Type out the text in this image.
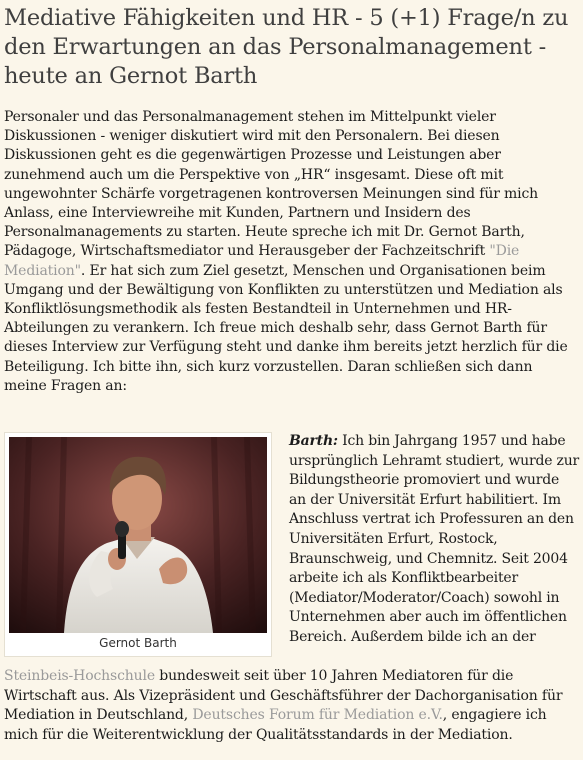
Mediative Fähigkeiten und HR - 5 (+1) Frage/n zu den Erwartungen an das Personalmanagement - heute an Gernot Barth

Personaler und das Personalmanagement stehen im Mittelpunkt vieler Diskussionen - weniger diskutiert wird mit den Personalern. Bei diesen Diskussionen geht es die gegenwärtigen Prozesse und Leistungen aber zunehmend auch um die Perspektive von „HR“ insgesamt. Diese oft mit ungewohnter Schärfe vorgetragenen kontroversen Meinungen sind für mich Anlass, eine Interviewreihe mit Kunden, Partnern und Insidern des Personalmanagements zu starten. Heute spreche ich mit Dr. Gernot Barth, Pädagoge, Wirtschaftsmediator und Herausgeber der Fachzeitschrift "Die Mediation". Er hat sich zum Ziel gesetzt, Menschen und Organisationen beim Umgang und der Bewältigung von Konflikten zu unterstützen und Mediation als Konfliktlösungsmethodik als festen Bestandteil in Unternehmen und HR-Abteilungen zu verankern. Ich freue mich deshalb sehr, dass Gernot Barth für dieses Interview zur Verfügung steht und danke ihm bereits jetzt herzlich für die Beteiligung. Ich bitte ihn, sich kurz vorzustellen. Daran schließen sich dann meine Fragen an:

Gernot Barth

Barth: Ich bin Jahrgang 1957 und habe
ursprünglich Lehramt studiert, wurde zur
Bildungstheorie promoviert und wurde
an der Universität Erfurt habilitiert. Im
Anschluss vertrat ich Professuren an den
Universitäten Erfurt, Rostock,
Braunschweig, und Chemnitz. Seit 2004
arbeite ich als Konfliktbearbeiter
(Mediator/Moderator/Coach) sowohl in
Unternehmen aber auch im öffentlichen
Bereich. Außerdem bilde ich an der

Steinbeis-Hochschule bundesweit seit über 10 Jahren Mediatoren für die Wirtschaft aus. Als Vizepräsident und Geschäftsführer der Dachorganisation für Mediation in Deutschland, Deutsches Forum für Mediation e.V., engagiere ich mich für die Weiterentwicklung der Qualitätsstandards in der Mediation.
